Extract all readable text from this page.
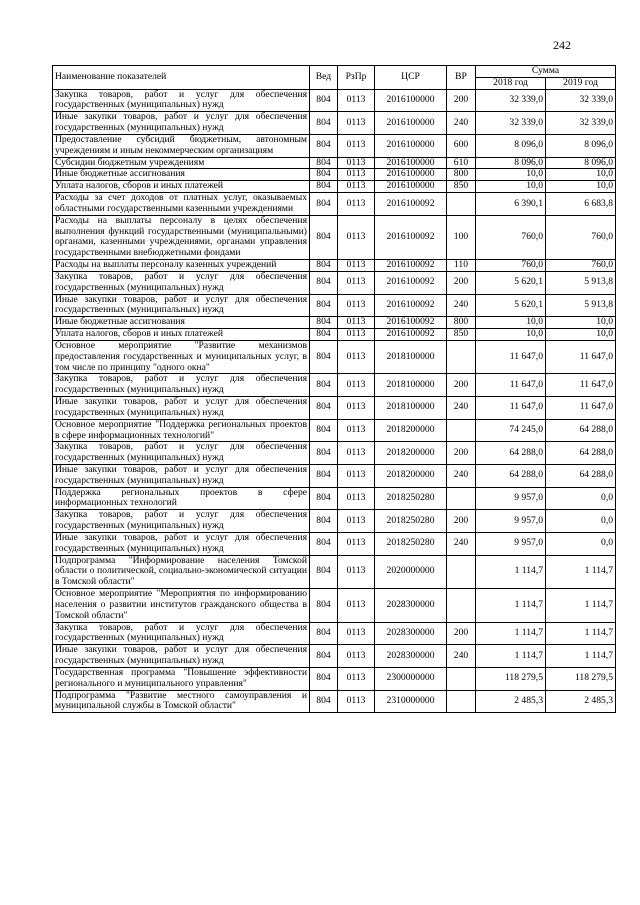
242
Наименование показателей	Вед	РзПр	ЦСР	ВР	Сумма	
					2018 год	2019 год
Закупка товаров, работ и услуг для обеспечения государственных (муниципальных) нужд	804	0113	2016100000	200	32 339,0	32 339,0
Иные закупки товаров, работ и услуг для обеспечения государственных (муниципальных) нужд	804	0113	2016100000	240	32 339,0	32 339,0
Предоставление субсидий бюджетным, автономным учреждениям и иным некоммерческим организациям	804	0113	2016100000	600	8 096,0	8 096,0
Субсидии бюджетным учреждениям	804	0113	2016100000	610	8 096,0	8 096,0
Иные бюджетные ассигнования	804	0113	2016100000	800	10,0	10,0
Уплата налогов, сборов и иных платежей	804	0113	2016100000	850	10,0	10,0
Расходы за счет доходов от платных услуг, оказываемых областными государственными казенными учреждениями	804	0113	2016100092		6 390,1	6 683,8
Расходы на выплаты персоналу в целях обеспечения выполнения функций государственными (муниципальными) органами, казенными учреждениями, органами управления государственными внебюджетными фондами	804	0113	2016100092	100	760,0	760,0
Расходы на выплаты персоналу казенных учреждений	804	0113	2016100092	110	760,0	760,0
Закупка товаров, работ и услуг для обеспечения государственных (муниципальных) нужд	804	0113	2016100092	200	5 620,1	5 913,8
Иные закупки товаров, работ и услуг для обеспечения государственных (муниципальных) нужд	804	0113	2016100092	240	5 620,1	5 913,8
Иные бюджетные ассигнования	804	0113	2016100092	800	10,0	10,0
Уплата налогов, сборов и иных платежей	804	0113	2016100092	850	10,0	10,0
Основное мероприятие "Развитие механизмов предоставления государственных и муниципальных услуг, в том числе по принципу "одного окна"	804	0113	2018100000		11 647,0	11 647,0
Закупка товаров, работ и услуг для обеспечения государственных (муниципальных) нужд	804	0113	2018100000	200	11 647,0	11 647,0
Иные закупки товаров, работ и услуг для обеспечения государственных (муниципальных) нужд	804	0113	2018100000	240	11 647,0	11 647,0
Основное мероприятие "Поддержка региональных проектов в сфере информационных технологий"	804	0113	2018200000		74 245,0	64 288,0
Закупка товаров, работ и услуг для обеспечения государственных (муниципальных) нужд	804	0113	2018200000	200	64 288,0	64 288,0
Иные закупки товаров, работ и услуг для обеспечения государственных (муниципальных) нужд	804	0113	2018200000	240	64 288,0	64 288,0
Поддержка региональных проектов в сфере информационных технологий	804	0113	2018250280		9 957,0	0,0
Закупка товаров, работ и услуг для обеспечения государственных (муниципальных) нужд	804	0113	2018250280	200	9 957,0	0,0
Иные закупки товаров, работ и услуг для обеспечения государственных (муниципальных) нужд	804	0113	2018250280	240	9 957,0	0,0
Подпрограмма "Информирование населения Томской области о политической, социально-экономической ситуации в Томской области"	804	0113	2020000000		1 114,7	1 114,7
Основное мероприятие "Мероприятия по информированию населения о развитии институтов гражданского общества в Томской области"	804	0113	2028300000		1 114,7	1 114,7
Закупка товаров, работ и услуг для обеспечения государственных (муниципальных) нужд	804	0113	2028300000	200	1 114,7	1 114,7
Иные закупки товаров, работ и услуг для обеспечения государственных (муниципальных) нужд	804	0113	2028300000	240	1 114,7	1 114,7
Государственная программа "Повышение эффективности регионального и муниципального управления"	804	0113	2300000000		118 279,5	118 279,5
Подпрограмма "Развитие местного самоуправления и муниципальной службы в Томской области"	804	0113	2310000000		2 485,3	2 485,3
